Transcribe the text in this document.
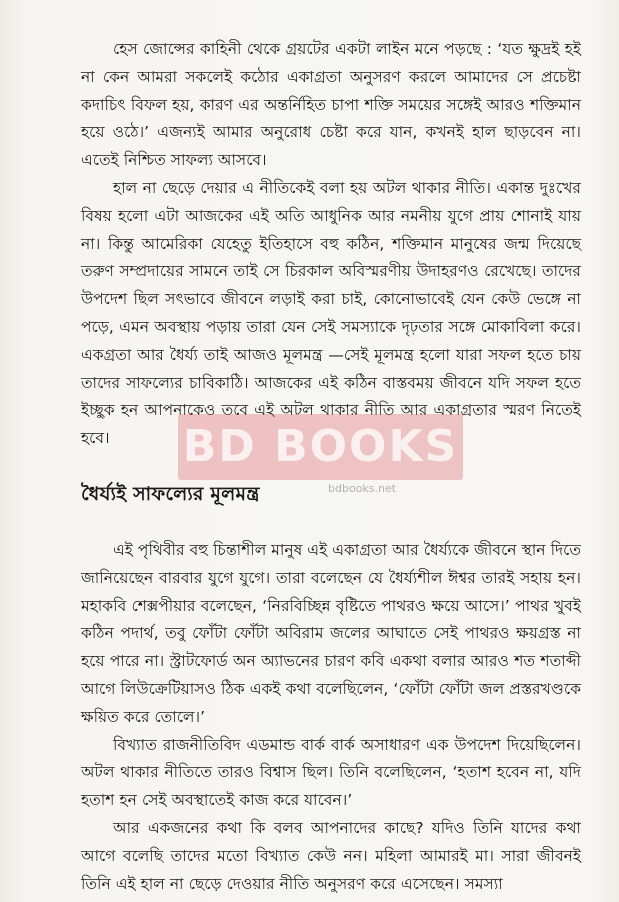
হেস জোন্সের কাহিনী থেকে গ্রয়টের একটা লাইন মনে পড়ছে : ‘যত ক্ষুদ্রই হই না কেন আমরা সকলেই কঠোর একাগ্রতা অনুসরণ করলে আমাদের সে প্রচেষ্টা কদাচিৎ বিফল হয়, কারণ এর অন্তর্নিহিত চাপা শক্তি সময়ের সঙ্গেই আরও শক্তিমান হয়ে ওঠে।’ এজন্যই আমার অনুরোধ চেষ্টা করে যান, কখনই হাল ছাড়বেন না। এতেই নিশ্চিত সাফল্য আসবে।

হাল না ছেড়ে দেয়ার এ নীতিকেই বলা হয় অটল থাকার নীতি। একান্ত দুঃখের বিষয় হলো এটা আজকের এই অতি আধুনিক আর নমনীয় যুগে প্রায় শোনাই যায় না। কিন্তু আমেরিকা যেহেতু ইতিহাসে বহু কঠিন, শক্তিমান মানুষের জন্ম দিয়েছে তরুণ সম্প্রদায়ের সামনে তাই সে চিরকাল অবিস্মরণীয় উদাহরণও রেখেছে। তাদের উপদেশ ছিল সৎভাবে জীবনে লড়াই করা চাই, কোনোভাবেই যেন কেউ ভেঙ্গে না পড়ে, এমন অবস্থায় পড়ায় তারা যেন সেই সমস্যাকে দৃঢ়তার সঙ্গে মোকাবিলা করে। একগ্রতা আর ধৈর্য্য তাই আজও মূলমন্ত্র —সেই মূলমন্ত্র হলো যারা সফল হতে চায় তাদের সাফল্যের চাবিকাঠি। আজকের এই কঠিন বাস্তবময় জীবনে যদি সফল হতে ইচ্ছুক হন আপনাকেও তবে এই অটল থাকার নীতি আর একাগ্রতার স্মরণ নিতেই হবে।

ধৈর্য্যই সাফল্যের মূলমন্ত্র

এই পৃথিবীর বহু চিন্তাশীল মানুষ এই একাগ্রতা আর ধৈর্য্যকে জীবনে স্থান দিতে জানিয়েছেন বারবার যুগে যুগে। তারা বলেছেন যে ধৈর্য্যশীল ঈশ্বর তারই সহায় হন। মহাকবি শেক্সপীয়ার বলেছেন, ‘নিরবিচ্ছিন্ন বৃষ্টিতে পাথরও ক্ষয়ে আসে।’ পাথর খুবই কঠিন পদার্থ, তবু ফোঁটা ফোঁটা অবিরাম জলের আঘাতে সেই পাথরও ক্ষয়গ্রস্ত না হয়ে পারে না। স্ট্রাটফোর্ড অন অ্যাভনের চারণ কবি একথা বলার আরও শত শতাব্দী আগে লিউক্রেটিয়াসও ঠিক একই কথা বলেছিলেন, ‘ফোঁটা ফোঁটা জল প্রস্তরখণ্ডকে ক্ষয়িত করে তোলে।’

বিখ্যাত রাজনীতিবিদ এডমান্ড বার্ক বার্ক অসাধারণ এক উপদেশ দিয়েছিলেন। অটল থাকার নীতিতে তারও বিশ্বাস ছিল। তিনি বলেছিলেন, ‘হতাশ হবেন না, যদি হতাশ হন সেই অবস্থাতেই কাজ করে যাবেন।’

আর একজনের কথা কি বলব আপনাদের কাছে? যদিও তিনি যাদের কথা আগে বলেছি তাদের মতো বিখ্যাত কেউ নন। মহিলা আমারই মা। সারা জীবনই তিনি এই হাল না ছেড়ে দেওয়ার নীতি অনুসরণ করে এসেছেন। সমস্যা

BD BOOKS
bdbooks.net
